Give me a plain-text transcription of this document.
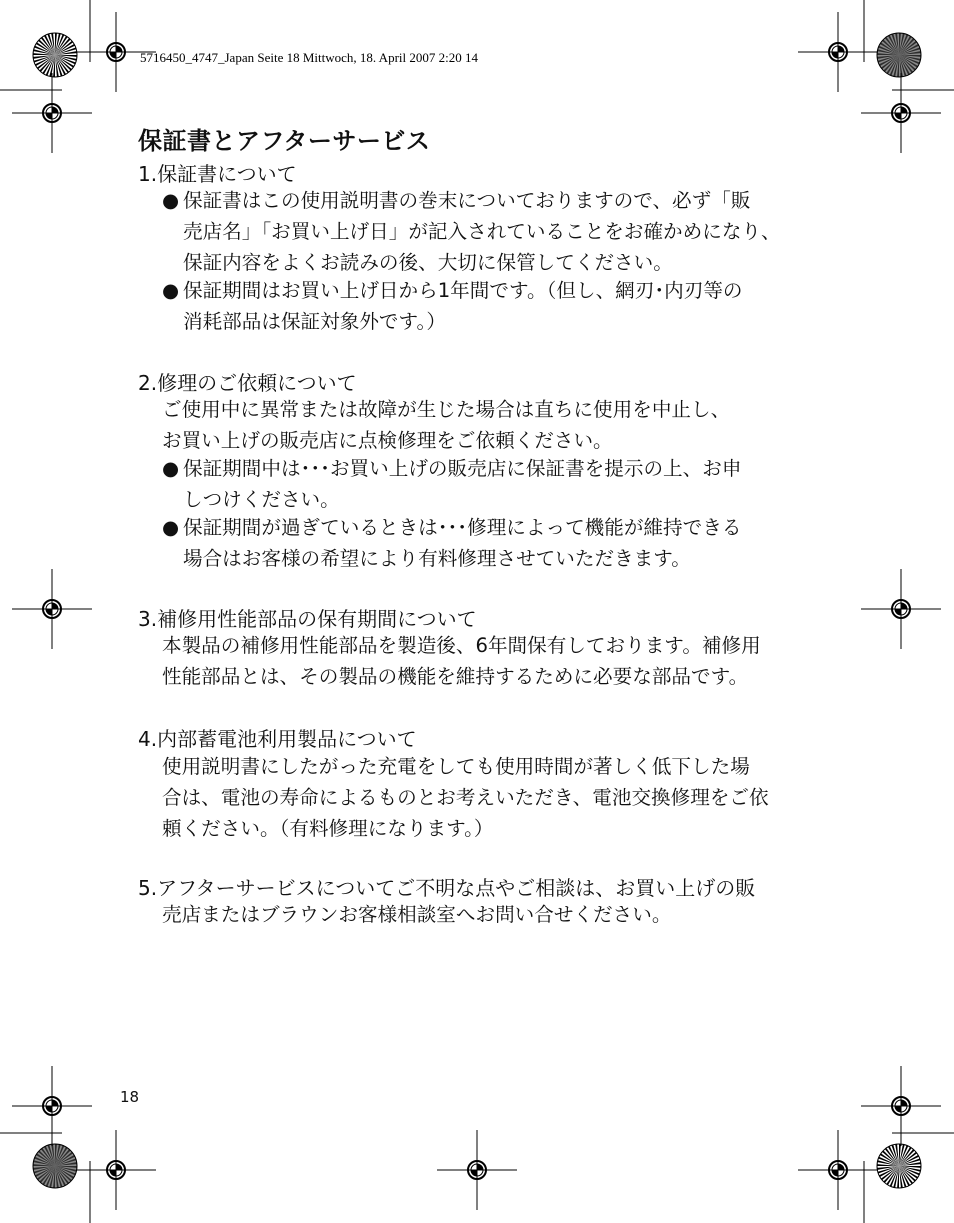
5716450_4747_Japan Seite 18 Mittwoch, 18. April 2007 2:20 14
保証書とアフターサービス
1.保証書について
● 保証書はこの使用説明書の巻末についておりますので、必ず「販
売店名」「お買い上げ日」が記入されていることをお確かめになり、
保証内容をよくお読みの後、大切に保管してください。
● 保証期間はお買い上げ日から1年間です。（但し、網刃･内刃等の
消耗部品は保証対象外です。）
2.修理のご依頼について
ご使用中に異常または故障が生じた場合は直ちに使用を中止し、
お買い上げの販売店に点検修理をご依頼ください。
● 保証期間中は･･･お買い上げの販売店に保証書を提示の上、お申
しつけください。
● 保証期間が過ぎているときは･･･修理によって機能が維持できる
場合はお客様の希望により有料修理させていただきます。
3.補修用性能部品の保有期間について
本製品の補修用性能部品を製造後、6年間保有しております。補修用
性能部品とは、その製品の機能を維持するために必要な部品です。
4.内部蓄電池利用製品について
使用説明書にしたがった充電をしても使用時間が著しく低下した場
合は、電池の寿命によるものとお考えいただき、電池交換修理をご依
頼ください。（有料修理になります。）
5.アフターサービスについてご不明な点やご相談は、お買い上げの販
売店またはブラウンお客様相談室へお問い合せください。
18
